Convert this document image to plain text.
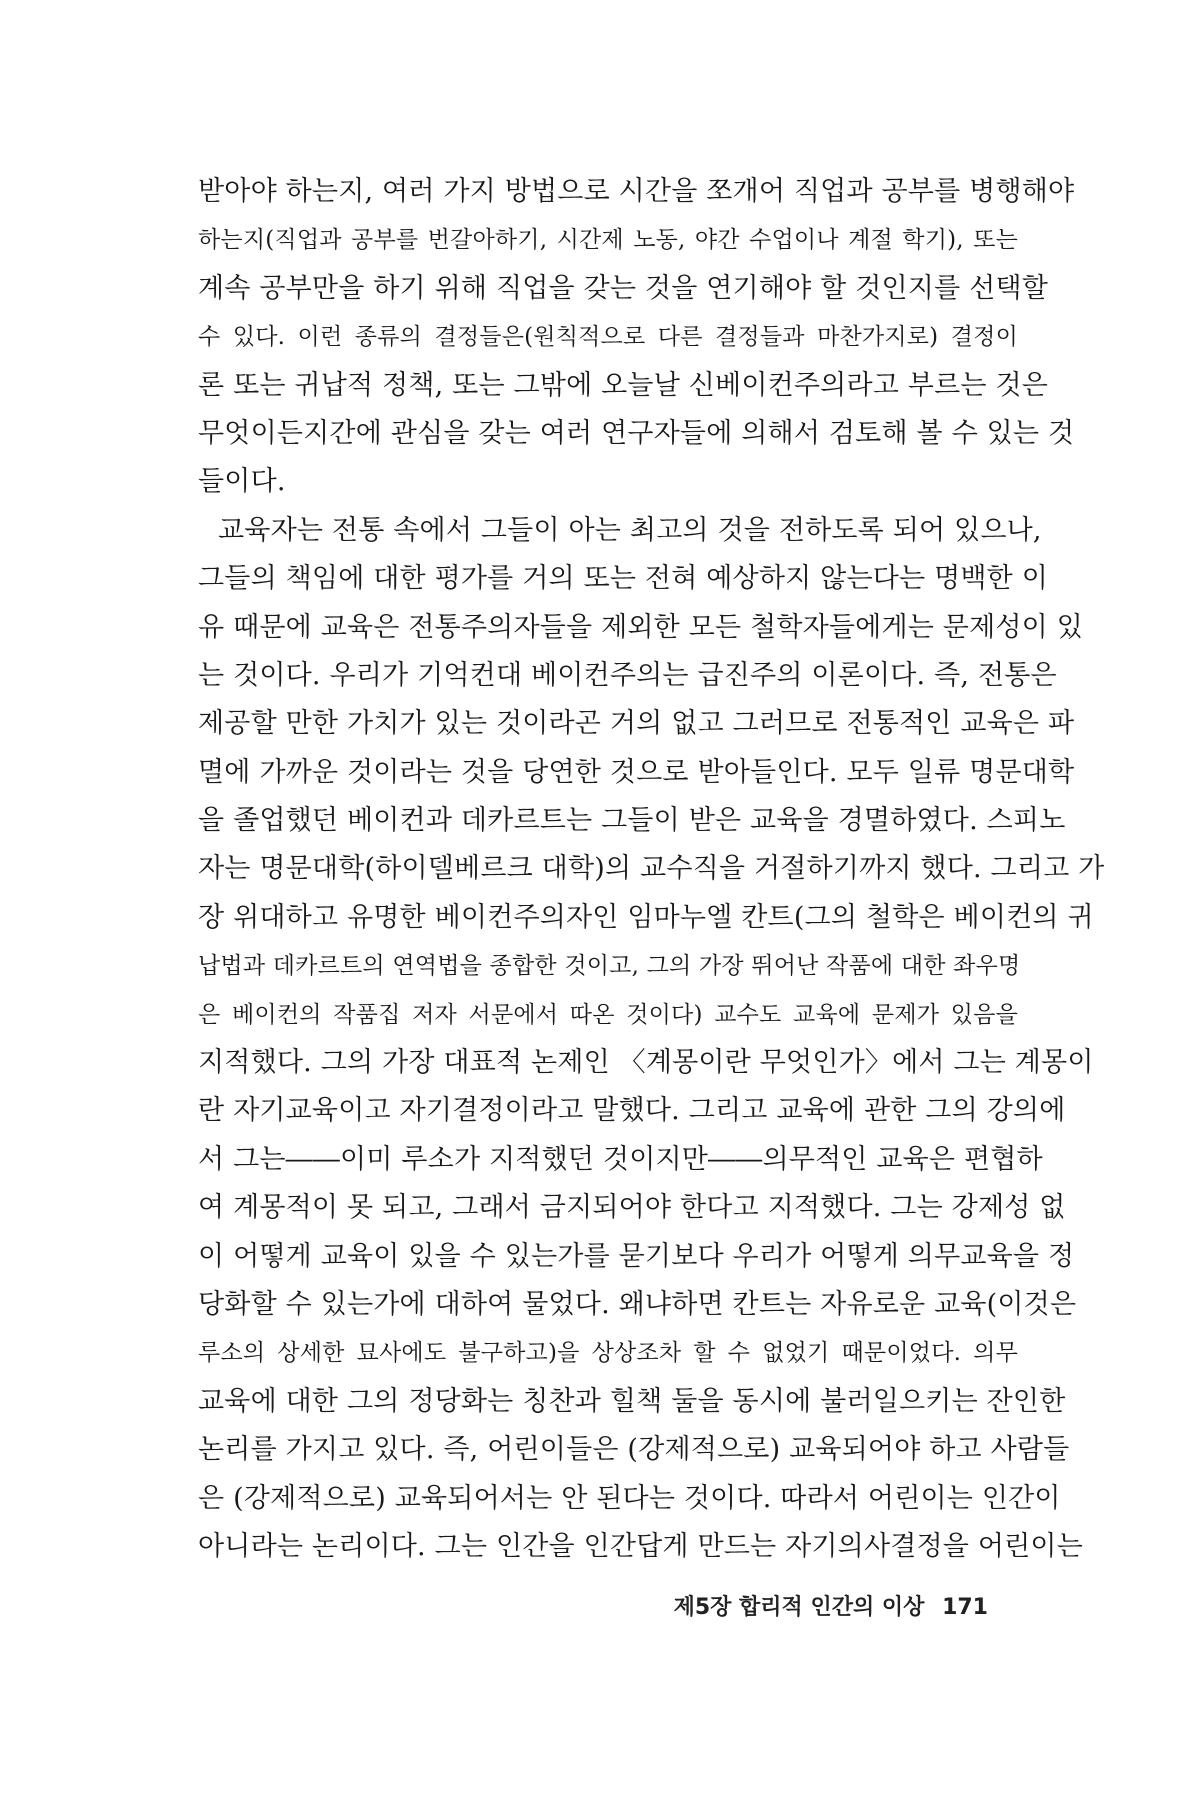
받아야 하는지, 여러 가지 방법으로 시간을 쪼개어 직업과 공부를 병행해야
하는지(직업과 공부를 번갈아하기, 시간제 노동, 야간 수업이나 계절 학기), 또는
계속 공부만을 하기 위해 직업을 갖는 것을 연기해야 할 것인지를 선택할
수 있다. 이런 종류의 결정들은(원칙적으로 다른 결정들과 마찬가지로) 결정이
론 또는 귀납적 정책, 또는 그밖에 오늘날 신베이컨주의라고 부르는 것은
무엇이든지간에 관심을 갖는 여러 연구자들에 의해서 검토해 볼 수 있는 것
들이다.
교육자는 전통 속에서 그들이 아는 최고의 것을 전하도록 되어 있으나,
그들의 책임에 대한 평가를 거의 또는 전혀 예상하지 않는다는 명백한 이
유 때문에 교육은 전통주의자들을 제외한 모든 철학자들에게는 문제성이 있
는 것이다. 우리가 기억컨대 베이컨주의는 급진주의 이론이다. 즉, 전통은
제공할 만한 가치가 있는 것이라곤 거의 없고 그러므로 전통적인 교육은 파
멸에 가까운 것이라는 것을 당연한 것으로 받아들인다. 모두 일류 명문대학
을 졸업했던 베이컨과 데카르트는 그들이 받은 교육을 경멸하였다. 스피노
자는 명문대학(하이델베르크 대학)의 교수직을 거절하기까지 했다. 그리고 가
장 위대하고 유명한 베이컨주의자인 임마누엘 칸트(그의 철학은 베이컨의 귀
납법과 데카르트의 연역법을 종합한 것이고, 그의 가장 뛰어난 작품에 대한 좌우명
은 베이컨의 작품집 저자 서문에서 따온 것이다) 교수도 교육에 문제가 있음을
지적했다. 그의 가장 대표적 논제인 〈계몽이란 무엇인가〉에서 그는 계몽이
란 자기교육이고 자기결정이라고 말했다. 그리고 교육에 관한 그의 강의에
서 그는――이미 루소가 지적했던 것이지만――의무적인 교육은 편협하
여 계몽적이 못 되고, 그래서 금지되어야 한다고 지적했다. 그는 강제성 없
이 어떻게 교육이 있을 수 있는가를 묻기보다 우리가 어떻게 의무교육을 정
당화할 수 있는가에 대하여 물었다. 왜냐하면 칸트는 자유로운 교육(이것은
루소의 상세한 묘사에도 불구하고)을 상상조차 할 수 없었기 때문이었다. 의무
교육에 대한 그의 정당화는 칭찬과 힐책 둘을 동시에 불러일으키는 잔인한
논리를 가지고 있다. 즉, 어린이들은 (강제적으로) 교육되어야 하고 사람들
은 (강제적으로) 교육되어서는 안 된다는 것이다. 따라서 어린이는 인간이
아니라는 논리이다. 그는 인간을 인간답게 만드는 자기의사결정을 어린이는
제5장 합리적 인간의 이상 171
